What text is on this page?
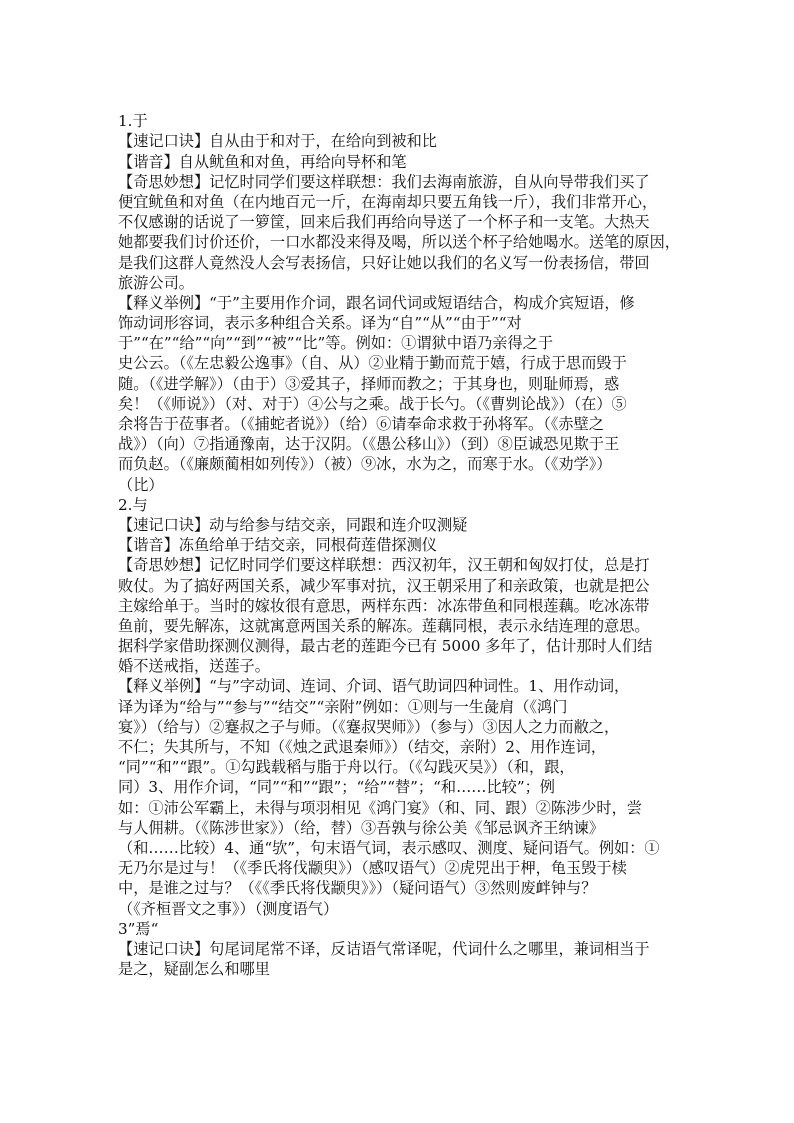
1.于
【速记口诀】自从由于和对于，在给向到被和比
【谐音】自从鱿鱼和对鱼，再给向导杯和笔
【奇思妙想】记忆时同学们要这样联想：我们去海南旅游，自从向导带我们买了
便宜鱿鱼和对鱼（在内地百元一斤，在海南却只要五角钱一斤），我们非常开心，
不仅感谢的话说了一箩筐，回来后我们再给向导送了一个杯子和一支笔。大热天
她都要我们讨价还价，一口水都没来得及喝，所以送个杯子给她喝水。送笔的原因，
是我们这群人竟然没人会写表扬信，只好让她以我们的名义写一份表扬信，带回
旅游公司。
【释义举例】“于”主要用作介词，跟名词代词或短语结合，构成介宾短语，修
饰动词形容词，表示多种组合关系。译为“自”“从”“由于”“对
于”“在”“给”“向”“到”“被”“比”等。例如：①谓狱中语乃亲得之于
史公云。（《左忠毅公逸事》（自、从）②业精于勤而荒于嬉，行成于思而毁于
随。（《进学解》）（由于）③爱其子，择师而教之；于其身也，则耻师焉，惑
矣！（《师说》）（对、对于）④公与之乘。战于长勺。（《曹刿论战》）（在）⑤
余将告于莅事者。（《捕蛇者说》）（给）⑥请奉命求救于孙将军。（《赤壁之
战》）（向）⑦指通豫南，达于汉阴。（《愚公移山》）（到）⑧臣诚恐见欺于王
而负赵。（《廉颇蔺相如列传》）（被）⑨冰，水为之，而寒于水。（《劝学》）
（比）
2.与
【速记口诀】动与给参与结交亲，同跟和连介叹测疑
【谐音】冻鱼给单于结交亲，同根荷莲借探测仪
【奇思妙想】记忆时同学们要这样联想：西汉初年，汉王朝和匈奴打仗，总是打
败仗。为了搞好两国关系，减少军事对抗，汉王朝采用了和亲政策，也就是把公
主嫁给单于。当时的嫁妆很有意思，两样东西：冰冻带鱼和同根莲藕。吃冰冻带
鱼前，要先解冻，这就寓意两国关系的解冻。莲藕同根，表示永结连理的意思。
据科学家借助探测仪测得，最古老的莲距今已有 5000 多年了，估计那时人们结
婚不送戒指，送莲子。
【释义举例】“与”字动词、连词、介词、语气助词四种词性。1、用作动词，
译为译为“给与”“参与”“结交”“亲附”例如：①则与一生彘肩（《鸿门
宴》）（给与）②蹇叔之子与师。（《蹇叔哭师》）（参与）③因人之力而敝之，
不仁；失其所与，不知（《烛之武退秦师》）（结交，亲附）2、用作连词，
“同”“和”“跟”。①勾践载稻与脂于舟以行。（《勾践灭吴》）（和，跟，
同）3、用作介词，“同”“和”“跟”；“给”“替”；“和……比较”；例
如：①沛公军霸上，未得与项羽相见《鸿门宴》（和、同、跟）②陈涉少时，尝
与人佣耕。（《陈涉世家》）（给，替）③吾孰与徐公美《邹忌讽齐王纳谏》
（和……比较）4、通“欤”，句末语气词，表示感叹、测度、疑问语气。例如：①
无乃尔是过与！（《季氏将伐颛臾》）（感叹语气）②虎兕出于柙，龟玉毁于椟
中，是谁之过与？（《《季氏将伐颛臾》》）（疑问语气）③然则废衅钟与？
（《齐桓晋文之事》）（测度语气）
3”焉“
【速记口诀】句尾词尾常不译，反诘语气常译呢，代词什么之哪里，兼词相当于
是之，疑副怎么和哪里
